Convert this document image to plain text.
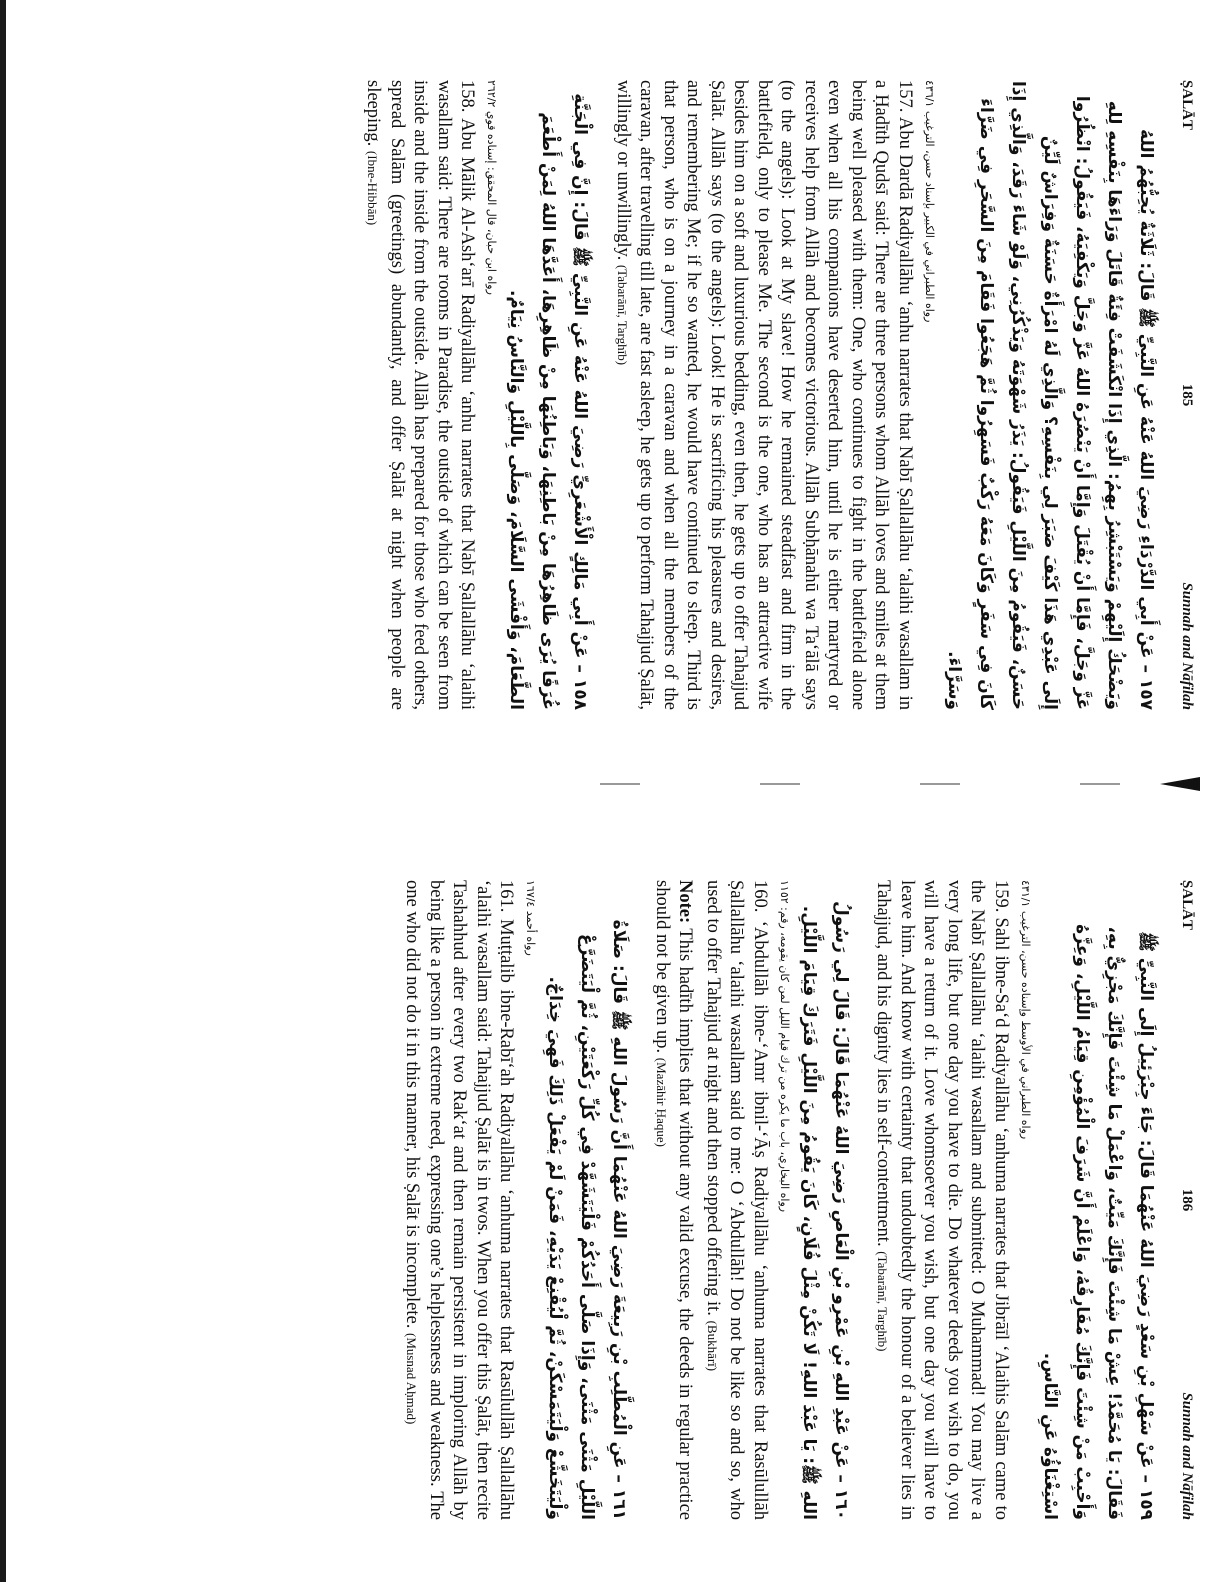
ṢALĀT
185
Sunnah and Nāfilah
١٥٧ – عَنْ أَبِي الدَّرْدَاءِ رَضِيَ اللهُ عَنْهُ عَنِ النَّبِيِّ ﷺ قَالَ: ثَلَاثَةٌ يُحِبُّهُمُ اللهُ وَيَضْحَكُ إِلَيْهِمْ وَيَسْتَبْشِرُ بِهِمُ: الَّذِي إِذَا انْكَشَفَتْ فِئَةٌ قَاتَلَ وَرَاءَهَا بِنَفْسِهِ لِلهِ عَزَّ وَجَلَّ، فَإِمَّا أَنْ يُقْتَلَ وَإِمَّا أَنْ يَنْصُرَهُ اللهُ عَزَّ وَجَلَّ وَيَكْفِيَهُ، فَيَقُولُ: انْظُرُوا إِلَى عَبْدِي هَذَا كَيْفَ صَبَرَ لِي بِنَفْسِهِ؟ وَالَّذِي لَهُ امْرَأَةٌ حَسَنَةٌ وَفِرَاشٌ لَيِّنٌ حَسَنٌ، فَيَقُومُ مِنَ اللَّيْلِ فَيَقُولُ: يَذَرُ شَهْوَتَهُ وَيَذْكُرُنِي، وَلَوْ شَاءَ رَقَدَ، وَالَّذِي إِذَا كَانَ فِي سَفَرٍ وَكَانَ مَعَهُ رَكْبٌ فَسَهِرُوا ثُمَّ هَجَعُوا فَقَامَ مِنَ السَّحَرِ فِي ضَرَّاءَ وَسَرَّاءَ.
رواه الطبراني في الكبير بإسناد حسن، الترغيب ٤٣٦/١
157. Abu Dardā Radiyallāhu ‘anhu narrates that Nabī Ṣallallāhu ‘alaihi wasallam in a Ḥadīth Qudsī said: There are three persons whom Allāh loves and smiles at them being well pleased with them: One, who continues to fight in the battlefield alone even when all his companions have deserted him, until he is either martyred or receives help from Allāh and becomes victorious. Allāh Subḥānahū wa Ta‘ālā says (to the angels): Look at My slave! How he remained steadfast and firm in the battlefield, only to please Me. The second is the one, who has an attractive wife besides him on a soft and luxurious bedding, even then, he gets up to offer Tahajjud Ṣalāt. Allāh says (to the angels): Look! He is sacrificing his pleasures and desires, and remembering Me; if he so wanted, he would have continued to sleep. Third is that person, who is on a journey in a caravan and when all the members of the caravan, after travelling till late, are fast asleep, he gets up to perform Tahajjud Ṣalāt, willingly or unwillingly. (Tabarānī, Targhīb)
١٥٨ – عَنْ أَبِي مَالِكٍ الْأَشْعَرِيِّ رَضِيَ اللهُ عَنْهُ عَنِ النَّبِيِّ ﷺ قَالَ: إِنَّ فِي الْجَنَّةِ غُرَفًا يُرَى ظَاهِرُهَا مِنْ بَاطِنِهَا، وَبَاطِنُهَا مِنْ ظَاهِرِهَا، أَعَدَّهَا اللهُ لِمَنْ أَطْعَمَ الطَّعَامَ، وَأَفْشَى السَّلَامَ، وَصَلَّى بِاللَّيْلِ وَالنَّاسُ نِيَامٌ.
رواه ابن حبان، قال المحقق: إسناده قوي ٢٦٢/٢
158. Abu Mālik Al-Ash‘arī Radiyallāhu ‘anhu narrates that Nabī Ṣallallāhu ‘alaihi wasallam said: There are rooms in Paradise, the outside of which can be seen from inside and the inside from the outside. Allāh has prepared for those who feed others, spread Salām (greetings) abundantly, and offer Ṣalāt at night when people are sleeping. (Ibne-Hibbān)
ṢALĀT
186
Sunnah and Nāfilah
١٥٩ – عَنْ سَهْلِ بْنِ سَعْدٍ رَضِيَ اللهُ عَنْهُمَا قَالَ: جَاءَ جِبْرَئِيلُ إِلَى النَّبِيِّ ﷺ فَقَالَ: يَا مُحَمَّدُ! عِشْ مَا شِئْتَ فَإِنَّكَ مَيِّتٌ، وَاعْمَلْ مَا شِئْتَ فَإِنَّكَ مَجْزِيٌّ بِهِ، وَأَحْبِبْ مَنْ شِئْتَ فَإِنَّكَ مُفَارِقُهُ، وَاعْلَمْ أَنَّ شَرَفَ الْمُؤْمِنِ قِيَامُ اللَّيْلِ، وَعِزَّهُ اسْتِغْنَاؤُهُ عَنِ النَّاسِ.
رواه الطبراني في الأوسط وإسناده حسن، الترغيب ٤٣١/١
159. Sahl ibne-Sa‘d Radiyallāhu ‘anhuma narrates that Jibrāīl ‘Alaihis Salām came to the Nabī Ṣallallāhu ‘alaihi wasallam and submitted: O Muhammad! You may live a very long life, but one day you have to die. Do whatever deeds you wish to do, you will have a return of it. Love whomsoever you wish, but one day you will have to leave him. And know with certainty that undoubtedly the honour of a believer lies in Tahajjud, and his dignity lies in self-contentment. (Tabarānī, Targhīb)
١٦٠ – عَنْ عَبْدِ اللهِ بْنِ عَمْرِو بْنِ الْعَاصِ رَضِيَ اللهُ عَنْهُمَا قَالَ: قَالَ لِي رَسُولُ اللهِ ﷺ: يَا عَبْدَ اللهِ! لَا تَكُنْ مِثْلَ فُلَانٍ، كَانَ يَقُومُ مِنَ اللَّيْلِ فَتَرَكَ قِيَامَ اللَّيْلِ.
رواه البخاري، باب ما يكره من ترك قيام الليل لمن كان يقومه، رقم: ١١٥٢
160. ‘Abdullāh ibne-‘Amr ibnil-‘Āṣ Radiyallāhu ‘anhuma narrates that Rasūlullāh Ṣallallāhu ‘alaihi wasallam said to me: O ‘Abdullāh! Do not be like so and so, who used to offer Tahajjud at night and then stopped offering it. (Bukhārī)
Note: This hadīth implies that without any valid excuse, the deeds in regular practice should not be given up. (Mazāhir Ḥaque)
١٦١ – عَنِ الْمُطَّلِبِ بْنِ رَبِيعَةَ رَضِيَ اللهُ عَنْهُمَا أَنَّ رَسُولَ اللهِ ﷺ قَالَ: صَلَاةُ اللَّيْلِ مَثْنَى مَثْنَى، وَإِذَا صَلَّى أَحَدُكُمْ فَلْيَتَشَهَّدْ فِي كُلِّ رَكْعَتَيْنِ، ثُمَّ لْيَتَضَرَّعْ وَلْيَتَخَشَّعْ وَلْيَتَمَسْكَنْ، ثُمَّ لْيُقْنِعْ يَدَيْهِ، فَمَنْ لَمْ يَفْعَلْ ذَلِكَ فَهِيَ خِدَاجٌ.
رواه أحمد ١٦٧/٤
161. Muṭṭalib ibne-Rabī‘ah Radiyallāhu ‘anhuma narrates that Rasūlullāh Ṣallallāhu ‘alaihi wasallam said: Tahajjud Ṣalāt is in twos. When you offer this Ṣalāt, then recite Tashahhud after every two Rak‘at and then remain persistent in imploring Allāh by being like a person in extreme need, expressing one’s helplessness and weakness. The one who did not do it in this manner, his Ṣalāt is incomplete. (Musnad Aḥmad)
